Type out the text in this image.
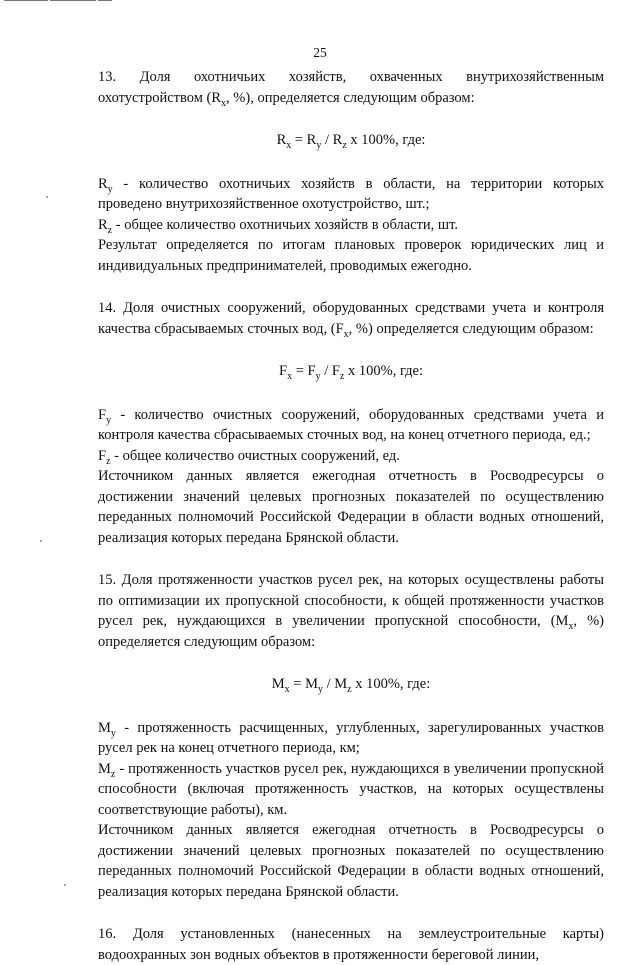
25

13. Доля охотничьих хозяйств, охваченных внутрихозяйственным охотустройством ($R_x$, %), определяется следующим образом:

$R_x = R_y / R_z$ x 100%, где:

$R_y$ - количество охотничьих хозяйств в области, на территории которых проведено внутрихозяйственное охотустройство, шт.;

$R_z$ - общее количество охотничьих хозяйств в области, шт.

Результат определяется по итогам плановых проверок юридических лиц и индивидуальных предпринимателей, проводимых ежегодно.

14. Доля очистных сооружений, оборудованных средствами учета и контроля качества сбрасываемых сточных вод, ($F_x$, %) определяется следующим образом:

$F_x = F_y / F_z$ x 100%, где:

$F_y$ - количество очистных сооружений, оборудованных средствами учета и контроля качества сбрасываемых сточных вод, на конец отчетного периода, ед.;

$F_z$ - общее количество очистных сооружений, ед.

Источником данных является ежегодная отчетность в Росводресурсы о достижении значений целевых прогнозных показателей по осуществлению переданных полномочий Российской Федерации в области водных отношений, реализация которых передана Брянской области.

15. Доля протяженности участков русел рек, на которых осуществлены работы по оптимизации их пропускной способности, к общей протяженности участков русел рек, нуждающихся в увеличении пропускной способности, ($M_x$, %) определяется следующим образом:

$M_x = M_y / M_z$ x 100%, где:

$M_y$ - протяженность расчищенных, углубленных, зарегулированных участков русел рек на конец отчетного периода, км;

$M_z$ - протяженность участков русел рек, нуждающихся в увеличении пропускной способности (включая протяженность участков, на которых осуществлены соответствующие работы), км.

Источником данных является ежегодная отчетность в Росводресурсы о достижении значений целевых прогнозных показателей по осуществлению переданных полномочий Российской Федерации в области водных отношений, реализация которых передана Брянской области.

16. Доля установленных (нанесенных на землеустроительные карты) водоохранных зон водных объектов в протяженности береговой линии,
